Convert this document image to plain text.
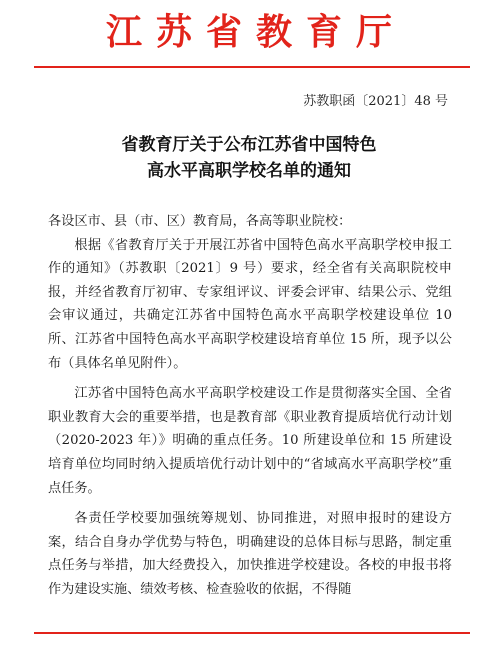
江苏省教育厅
苏教职函〔2021〕48 号
省教育厅关于公布江苏省中国特色
高水平高职学校名单的通知

各设区市、县（市、区）教育局，各高等职业院校：

根据《省教育厅关于开展江苏省中国特色高水平高职学校申报工作的通知》（苏教职〔2021〕9 号）要求，经全省有关高职院校申报，并经省教育厅初审、专家组评议、评委会评审、结果公示、党组会审议通过，共确定江苏省中国特色高水平高职学校建设单位 10 所、江苏省中国特色高水平高职学校建设培育单位 15 所，现予以公布（具体名单见附件）。

江苏省中国特色高水平高职学校建设工作是贯彻落实全国、全省职业教育大会的重要举措，也是教育部《职业教育提质培优行动计划（2020-2023 年）》明确的重点任务。10 所建设单位和 15 所建设培育单位均同时纳入提质培优行动计划中的“省域高水平高职学校”重点任务。

各责任学校要加强统筹规划、协同推进，对照申报时的建设方案，结合自身办学优势与特色，明确建设的总体目标与思路，制定重点任务与举措，加大经费投入，加快推进学校建设。各校的申报书将作为建设实施、绩效考核、检查验收的依据，不得随
